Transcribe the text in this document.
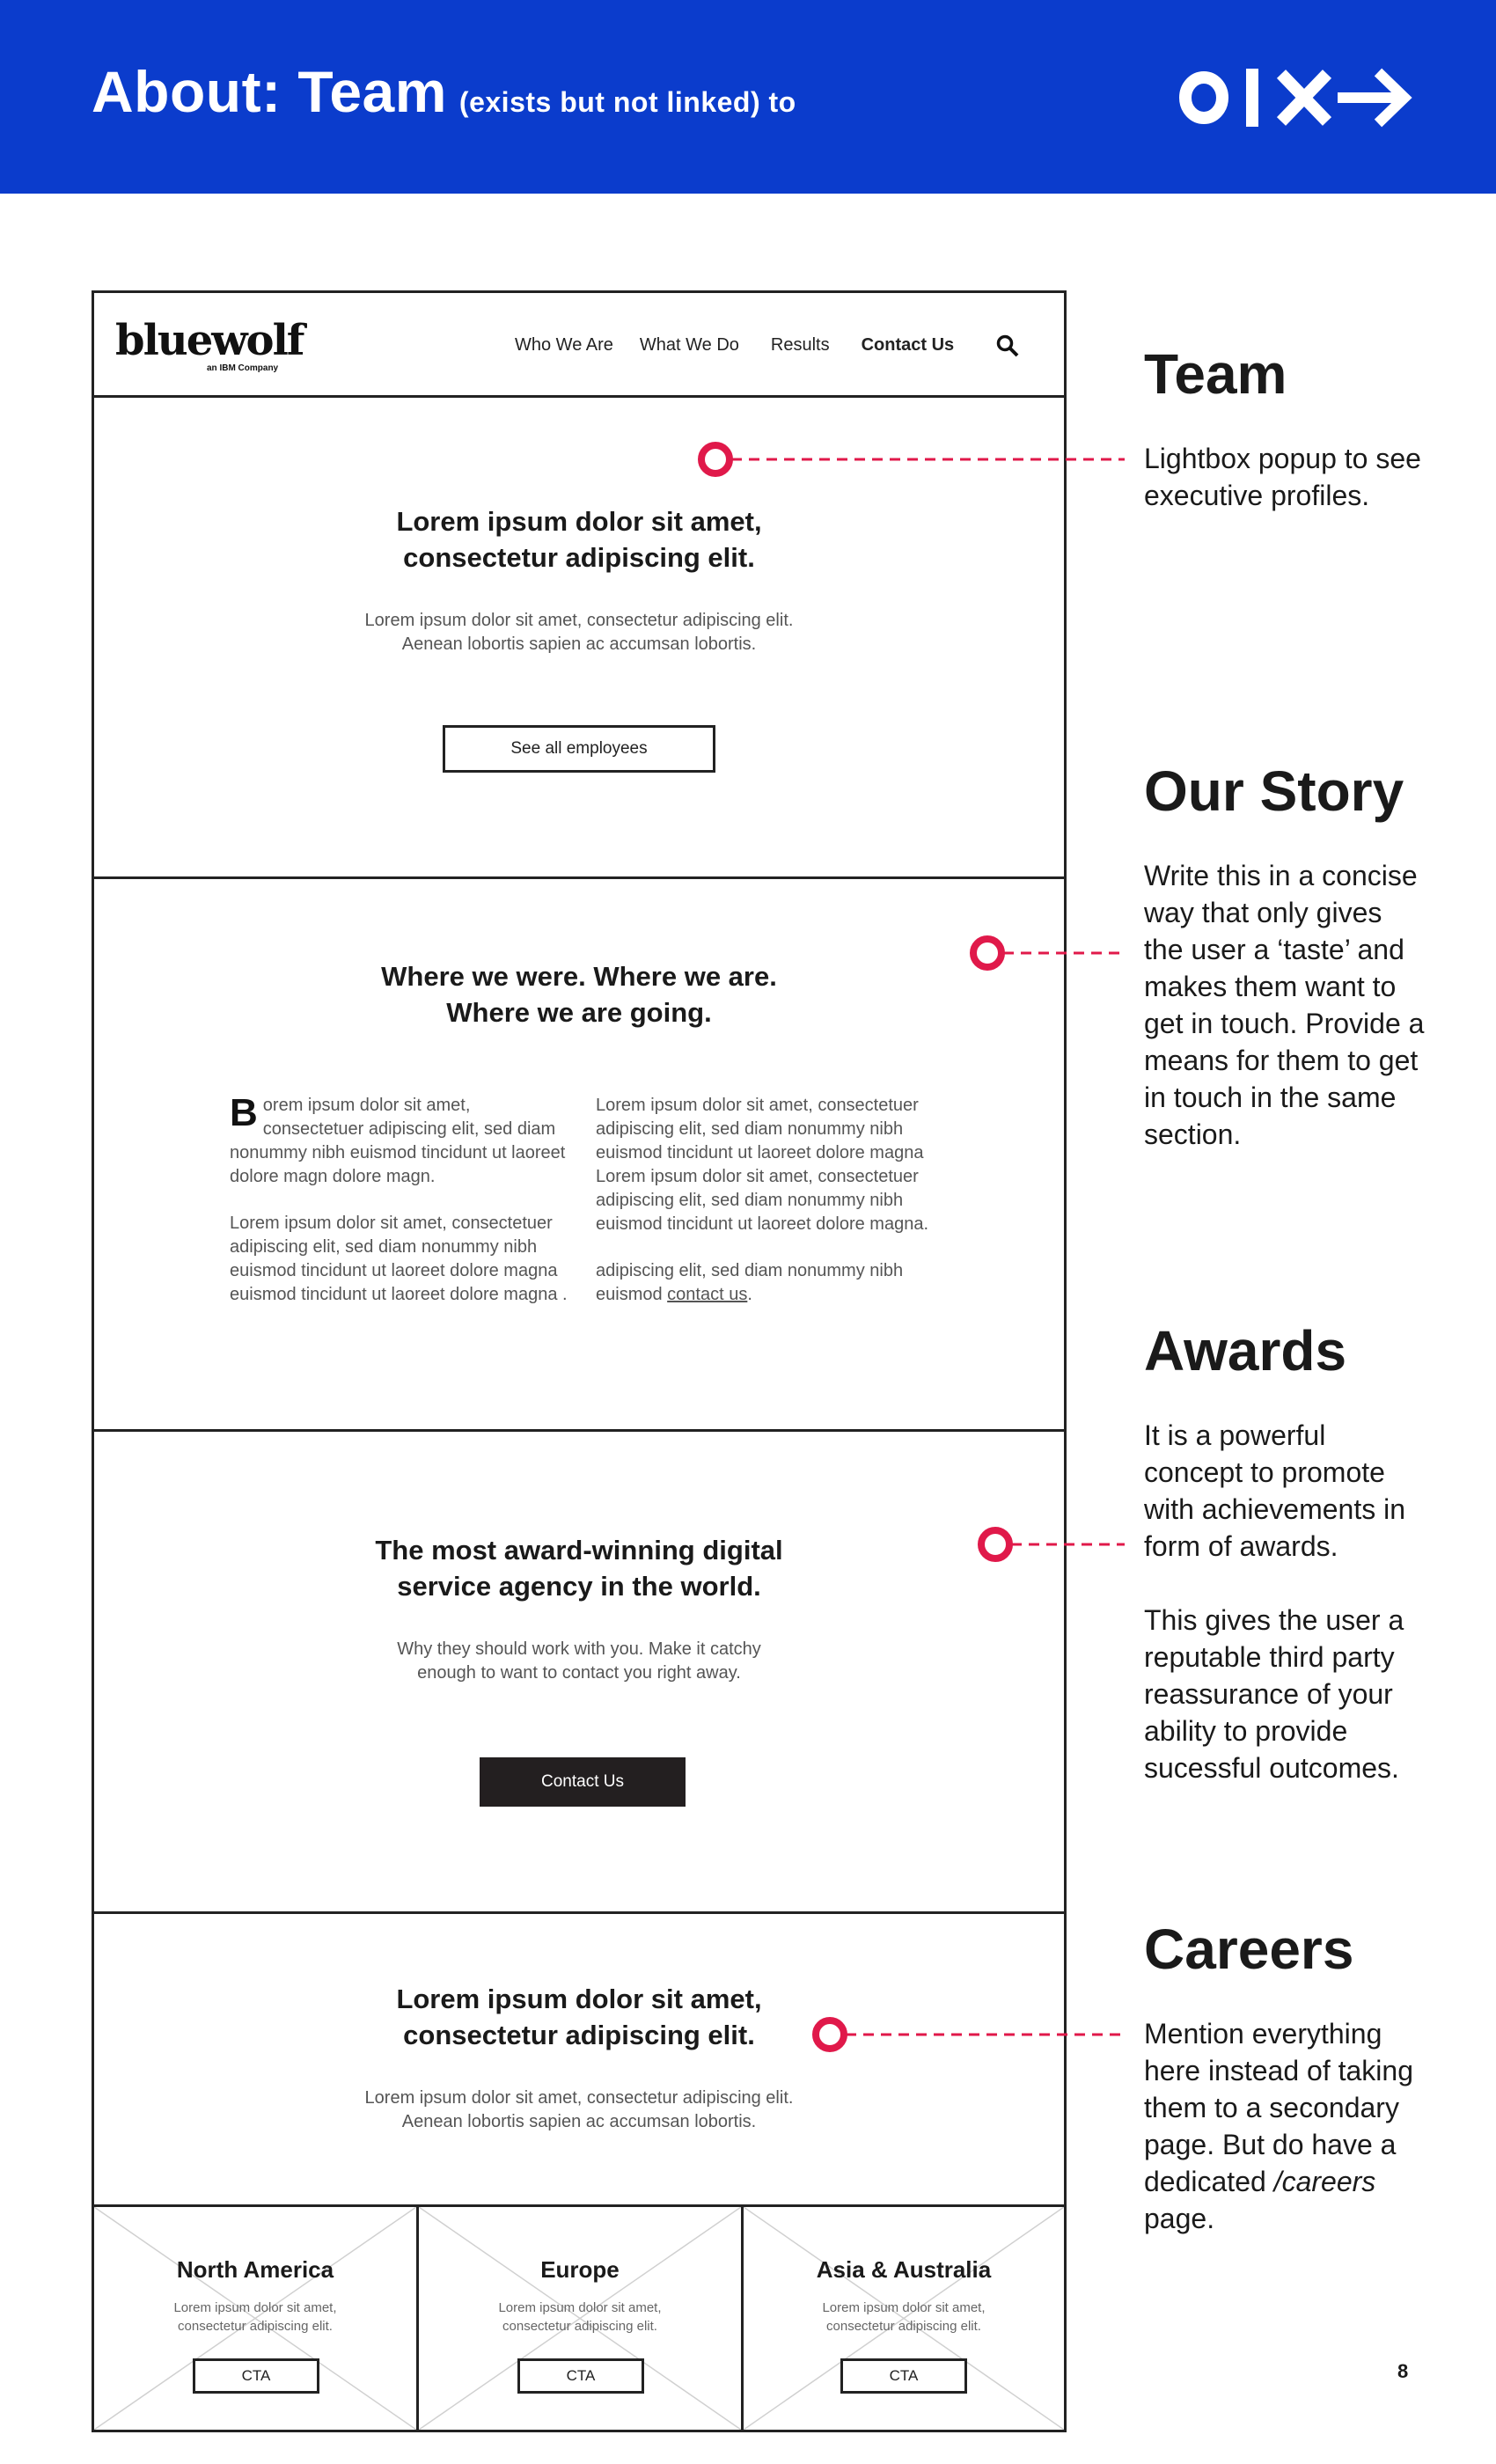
About: Team (exists but not linked) to
bluewolf
an IBM Company
Who We Are What We Do Results Contact Us
Lorem ipsum dolor sit amet, consectetur adipiscing elit.
Lorem ipsum dolor sit amet, consectetur adipiscing elit. Aenean lobortis sapien ac accumsan lobortis.
See all employees
Where we were. Where we are.
Where we are going.

Borem ipsum dolor sit amet, consectetuer adipiscing elit, sed diam nonummy nibh euismod tincidunt ut laoreet dolore magn dolore magn.

Lorem ipsum dolor sit amet, consectetuer adipiscing elit, sed diam nonummy nibh euismod tincidunt ut laoreet dolore magna euismod tincidunt ut laoreet dolore magna .

Lorem ipsum dolor sit amet, consectetuer adipiscing elit, sed diam nonummy nibh euismod tincidunt ut laoreet dolore magna Lorem ipsum dolor sit amet, consectetuer adipiscing elit, sed diam nonummy nibh euismod tincidunt ut laoreet dolore magna.

adipiscing elit, sed diam nonummy nibh euismod contact us.

The most award-winning digital
service agency in the world.
Why they should work with you. Make it catchy enough to want to contact you right away.
Contact Us
Lorem ipsum dolor sit amet, consectetur adipiscing elit.
Lorem ipsum dolor sit amet, consectetur adipiscing elit. Aenean lobortis sapien ac accumsan lobortis.
North America
Lorem ipsum dolor sit amet, consectetur adipiscing elit.
CTA
Europe
Lorem ipsum dolor sit amet, consectetur adipiscing elit.
CTA
Asia & Australia
Lorem ipsum dolor sit amet, consectetur adipiscing elit.
CTA
Team
Lightbox popup to see executive profiles.
Our Story
Write this in a concise way that only gives the user a ‘taste’ and makes them want to get in touch. Provide a means for them to get in touch in the same section.
Awards

It is a powerful concept to promote with achievements in form of awards.

This gives the user a reputable third party reassurance of your ability to provide sucessful outcomes.

Careers
Mention everything here instead of taking them to a secondary page. But do have a dedicated /careers page.
8
